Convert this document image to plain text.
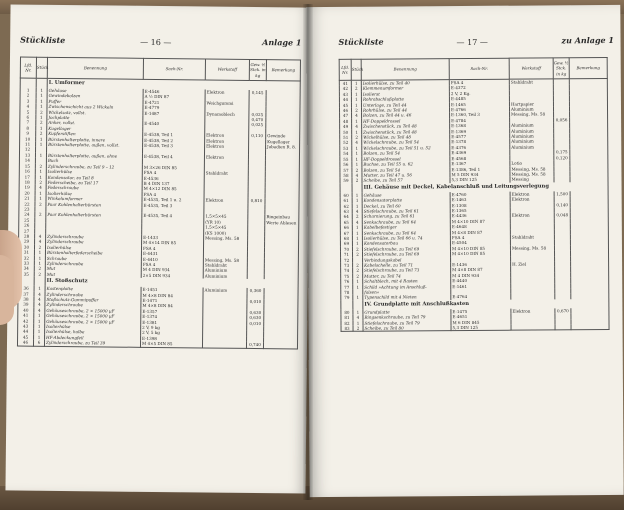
Stückliste	— 16 —	Anlage 1
Lfd. Nr.	Stück	Benennung	Sach-Nr.	Werkstoff	Gew. ½ Stck. in kg	Bemerkung
		I. Umformer				
1	1	Gehäuse	E-4546	Elektron	0,145	
2	1	Gewindebolzen	A ½ DIN 87			
3	1	Puffer	E-4721	Weichgummi		
4	1	Zwischenschicht aus 2 Wickeln	E-4779			
5	2	Wickelsatz, vollst.	E-1487	Dynamoblech	0,025	
6	1	Jochplatte			0,470	
7	2	Anker, vollst.	E-4540		0,025	
8	1	Kugellager				
9	2	Kupferstiften	E-4538, Teil 1	Elektron	0,110	Gewinde
10	1	Bürstenhalterplatte, innere	E-4538, Teil 2	Elektron		Kugellager
11	1	Bürstenhalterplatte, außen, vollst.	E-4538, Teil 3	Elektron		Jabadien R. 8.
12						
13	1	Bürstenhalterplatte, außen, ohne	E-4538, Teil 4	Elektron		
14		Buch				
15	2	Zylinderschraube, zu Teil 9 – 12	M 3×26 DIN 85			
16	1	Isolierhülse	FSA 4	Stahldraht		
17	1	Kondensator, zu Teil 8	E-4536			
18	2	Federscheibe, zu Teil 17	B 4 DIN 137			
19	4	Federschraube	M 4×12 DIN 85			
20	1	Isolierhülse	FSA 4			
21	1	Winkelumformer	E-4535, Teil 1 u. 2	Elektron	0,810	
22	2	Paar Kohlenhalterbürsten	E-4535, Teil 3			
23						
24	2	Paar Kohlenhalterbürsten	E-4535, Teil 4	1,5×5×45		Ringeinbau
25				(YR 10)		Werte Ablesen
26				1,5×5×45		
27				(KS 1000)		
28	4	Zylinderschraube	E-1433	Messing, Ms. 58		
29	4	Zylinderschraube	M 4×14 DIN 85			
30	2	Isolierhülse	FSA 4			
31	1	Bürstenhalterfederscheibe	E-4431			
32	1	Schraube	E-4410	Messing, Ms. 58		
33	1	Zylinderschraube	FSA 4	Stahldraht		
34	2	Mut	M 4 DIN 934	Aluminium		
35	2	Mut	2×5 DIN 934	Aluminium		
		II. Stoßschutz				
36	1	Kastenplatte	E-1451	Aluminium	0,360	
37	4	Zylinderschraube	M 4×8 DIN 84			
38	4	Stoßschutz-Gummipuffer	E-1471		0,010	
39	4	Zylinderschraube	M 4×8 DIN 84			
40	4	Gehäuseschraube, 2 × 15000 µF	E-1357		0,630	
41	1	Gehäuseschraube, 2 × 15000 µF	E-1374		0,630	
42	1	Gehäuseschraube, 2 × 15000 µF	E-1381		0,010	
43	1	Isolierhülse	2 V, 9 kg			
44	1	Isolierhülse, halbe	2 V, 5 kg			
45	1	HF-Abdeckungfeil	E-1398			
46	6	Zylinderschraube, zu Teil 39	M 4×5 DIN 85		0,740	
Stückliste	— 17 —	zu Anlage 1
Lfd. Nr.	Stück	Benennung	Sach-Nr.	Werkstoff	Gew. ½ Stck. in kg	Bemerkung
41	1	Isolierhülse, zu Teil 40	FSA 4	Stahldraht		
42	2	Klemmenumformer	E-4372			
43	1	Isolierst	2 V, 2 Kg.			
44	1	Rohrabschlußplatte	E-4485			
45	1	Unterlage, zu Teil 44	E-1465	Hartpapier		
46	2	Rohrhülse, zu Teil 44	E-4766	Aluminium		
47	4	Bolzen, zu Teil 44 u. 46	E-1360, Teil 3	Messing, Ms. 58		
48	1	HF-Doppeldrossel	E-4784		0,056	
49	4	Zwischenstück, zu Teil 48	E-1368	Aluminium		
50	1	Zwischenstück, zu Teil 48	E-1369	Aluminium		
51	2	Wickelhülse, zu Teil 48	E-4577	Aluminium		
52	4	Wickelschraube, zu Teil 54	E-1378	Aluminium		
53	1	Wickelschraube, zu Teil 51 u. 52	E-4376	Aluminium		
54	1	Bolzen, zu Teil 54	E-4369		0,175	
55	1	HF-Doppeldrossel	E-4568		0,120	
56	1	Buchse, zu Teil 55 u. 62	E-1367	Lotio		
57	2	Bolzen, zu Teil 54	E-1386, Teil 1	Messing, Ms. 58		
58	4	Mutter, zu Teil 47 u. 56	M 5 DIN 934	Messing, Ms. 58		
59	2	Scheibe, zu Teil 57	5,3 DIN 125	Messing		
		III. Gehäuse mit Deckel, Kabelanschluß und Leitungsverlegung				
60	1	Gehäuse	E-4760	Elektron	1,500	
61	1	Kondensatorplatte	E-1463	Elektron		
62	1	Deckel, zu Teil 60	E-1308		0,140	
63	4	Stiefelschraube, zu Teil 61	E-1365			
64	2	Scharnierung, zu Teil 61	E-4436	Elektron	0,048	
65	4	Senkschraube, zu Teil 64	M 4×10 DIN 87			
66	1	Kabelbefestiger	E-4648			
67	1	Senkschraube, zu Teil 64	M 4×8 DIN 87			
68	1	Isolierhülse, zu Teil 66 u. 74	FSA 4	Stahldraht		
69	1	Kondensatorbau	E-4504			
70	2	Stiefelschraube, zu Teil 69	M 4×10 DIN 85	Messing, Ms. 58		
71	2	Stiefelschraube, zu Teil 69	M 4×10 DIN 85			
72		Verbindungskabel				
73	2	Kabelschelle, zu Teil 71	E-1436	H. Ziel		
74	2	Stiefelschraube, zu Teil 73	M 4×8 DIN 87			
75	2	Mutter, zu Teil 74	M 4 DIN 934			
76	1	Schaltblech, mit 4 Rasten	E-4440			
77	1	Schild »Achtung im Anschluß-	E-1461			
78		falsen«				
79	1	Typenschild mit 4 Nieten	E-4764			
		IV. Grundplatte mit Anschlußkasten				
80	1	Grundplatte	E-1475	Elektron	0,670	
81	4	Ringsenkschraube, zu Teil 79	E-4651			
82	1	Stiefelschraube, zu Teil 79	M 6 DIN 845			
83	2	Scheibe, zu Teil 80	5,3 DIN 125			
